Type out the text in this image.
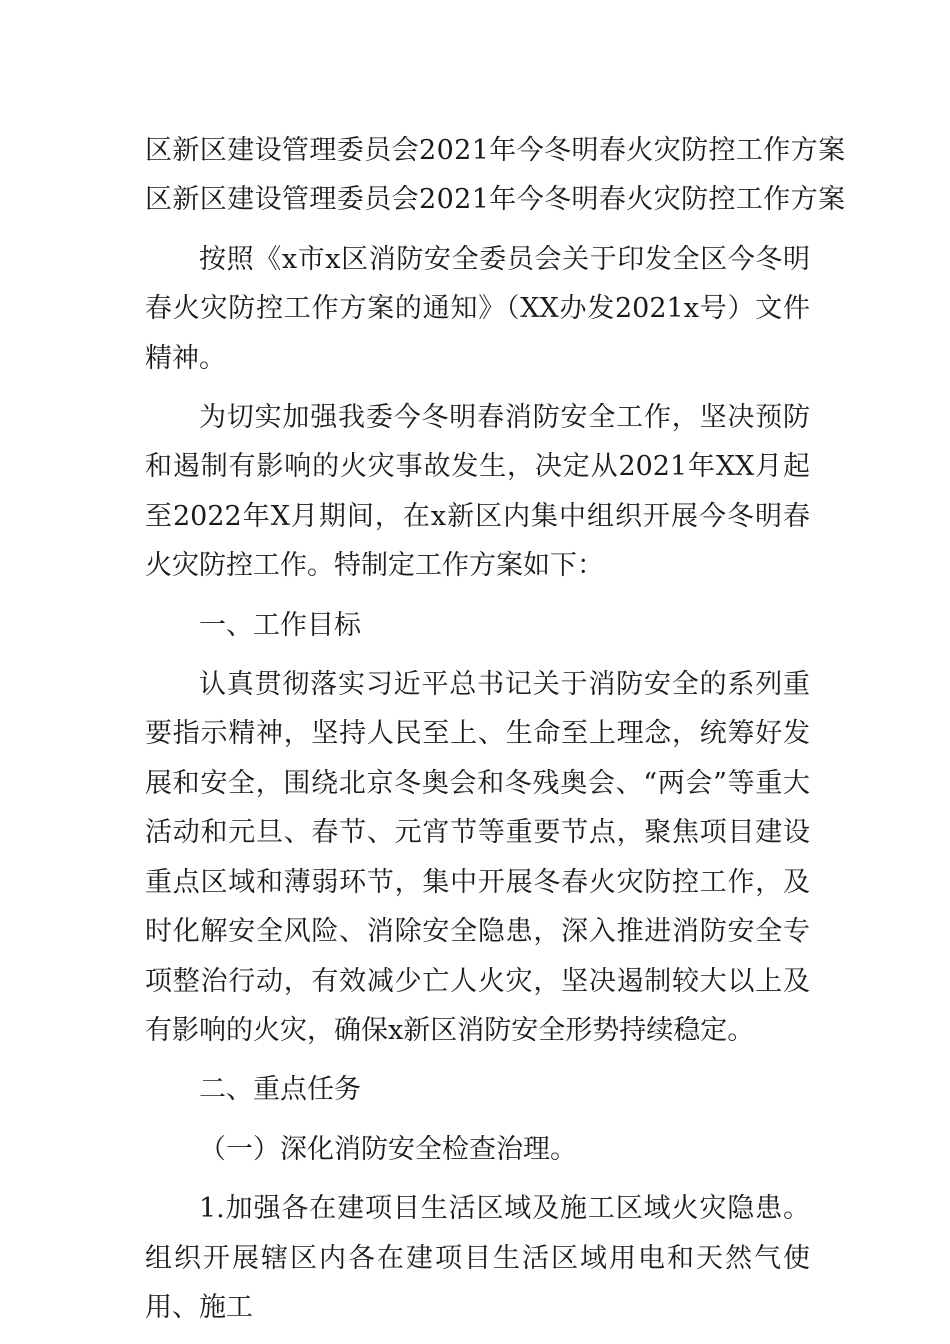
区新区建设管理委员会2021年今冬明春火灾防控工作方案

区新区建设管理委员会2021年今冬明春火灾防控工作方案

按照《x市x区消防安全委员会关于印发全区今冬明春火灾防控工作方案的通知》（XX办发2021x号）文件精神。

为切实加强我委今冬明春消防安全工作，坚决预防和遏制有影响的火灾事故发生，决定从2021年XX月起至2022年X月期间，在x新区内集中组织开展今冬明春火灾防控工作。特制定工作方案如下：

一、工作目标

认真贯彻落实习近平总书记关于消防安全的系列重要指示精神，坚持人民至上、生命至上理念，统筹好发展和安全，围绕北京冬奥会和冬残奥会、“两会”等重大活动和元旦、春节、元宵节等重要节点，聚焦项目建设重点区域和薄弱环节，集中开展冬春火灾防控工作，及时化解安全风险、消除安全隐患，深入推进消防安全专项整治行动，有效减少亡人火灾，坚决遏制较大以上及有影响的火灾，确保x新区消防安全形势持续稳定。

二、重点任务

（一）深化消防安全检查治理。

1.加强各在建项目生活区域及施工区域火灾隐患。组织开展辖区内各在建项目生活区域用电和天然气使用、施工
